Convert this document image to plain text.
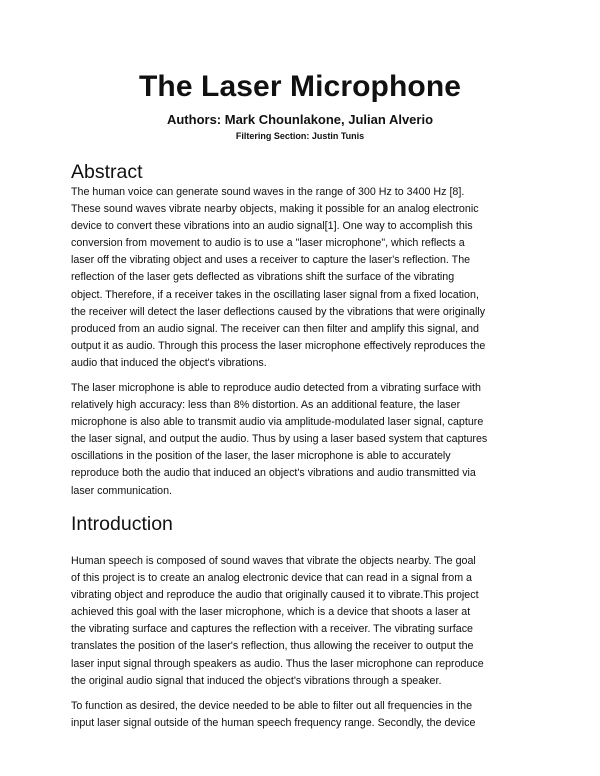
The Laser Microphone
Authors: Mark Chounlakone, Julian Alverio
Filtering Section: Justin Tunis
Abstract

The human voice can generate sound waves in the range of 300 Hz to 3400 Hz [8].
These sound waves vibrate nearby objects, making it possible for an analog electronic
device to convert these vibrations into an audio signal[1]. One way to accomplish this
conversion from movement to audio is to use a "laser microphone", which reflects a
laser off the vibrating object and uses a receiver to capture the laser's reflection. The
reflection of the laser gets deflected as vibrations shift the surface of the vibrating
object. Therefore, if a receiver takes in the oscillating laser signal from a fixed location,
the receiver will detect the laser deflections caused by the vibrations that were originally
produced from an audio signal. The receiver can then filter and amplify this signal, and
output it as audio. Through this process the laser microphone effectively reproduces the
audio that induced the object's vibrations.

The laser microphone is able to reproduce audio detected from a vibrating surface with
relatively high accuracy: less than 8% distortion. As an additional feature, the laser
microphone is also able to transmit audio via amplitude-modulated laser signal, capture
the laser signal, and output the audio. Thus by using a laser based system that captures
oscillations in the position of the laser, the laser microphone is able to accurately
reproduce both the audio that induced an object's vibrations and audio transmitted via
laser communication.

Introduction

Human speech is composed of sound waves that vibrate the objects nearby. The goal
of this project is to create an analog electronic device that can read in a signal from a
vibrating object and reproduce the audio that originally caused it to vibrate.This project
achieved this goal with the laser microphone, which is a device that shoots a laser at
the vibrating surface and captures the reflection with a receiver. The vibrating surface
translates the position of the laser's reflection, thus allowing the receiver to output the
laser input signal through speakers as audio. Thus the laser microphone can reproduce
the original audio signal that induced the object's vibrations through a speaker.

To function as desired, the device needed to be able to filter out all frequencies in the
input laser signal outside of the human speech frequency range. Secondly, the device
